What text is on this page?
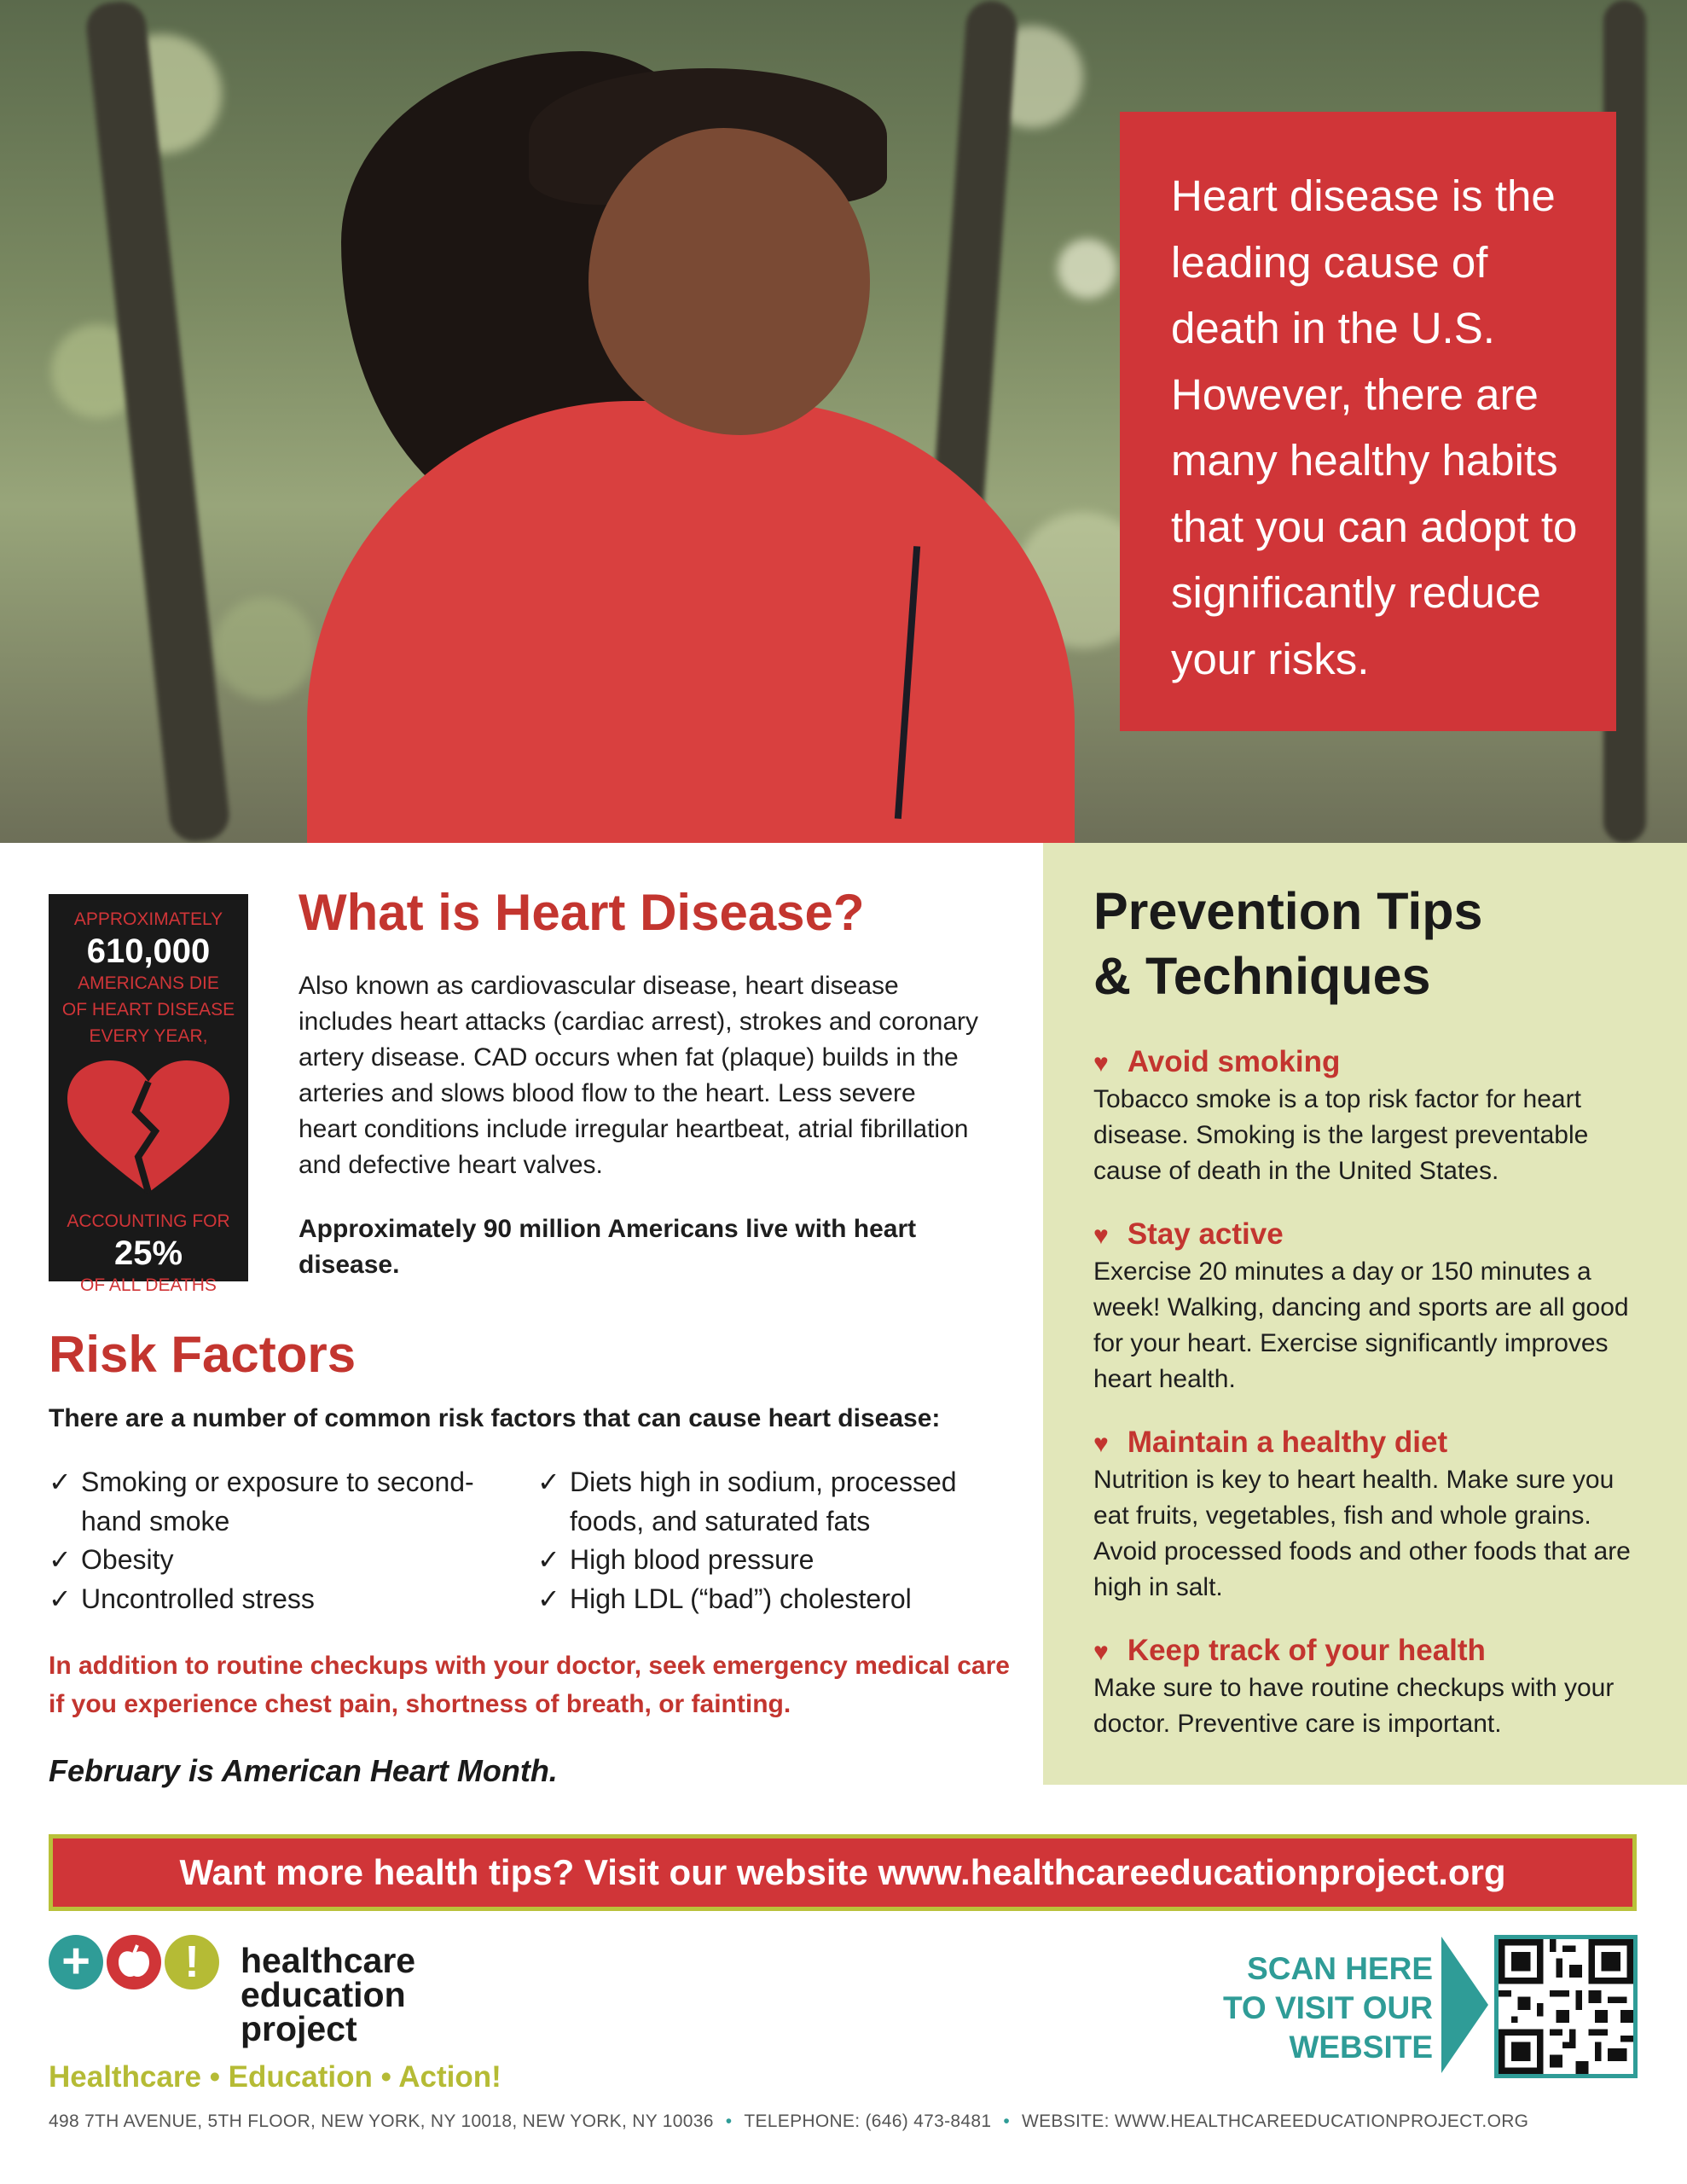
Heart disease is the leading cause of death in the U.S. However, there are many healthy habits that you can adopt to significantly reduce your risks.

APPROXIMATELY
610,000
AMERICANS DIE
OF HEART DISEASE
EVERY YEAR,
ACCOUNTING FOR
25%
OF ALL DEATHS
What is Heart Disease?

Also known as cardiovascular disease, heart disease includes heart attacks (cardiac arrest), strokes and coronary artery disease. CAD occurs when fat (plaque) builds in the arteries and slows blood flow to the heart. Less severe heart conditions include irregular heartbeat, atrial fibrillation and defective heart valves.

Approximately 90 million Americans live with heart disease.

Risk Factors

There are a number of common risk factors that can cause heart disease:

✓ Smoking or exposure to second-hand smoke
✓ Obesity
✓ Uncontrolled stress
✓ Diets high in sodium, processed foods, and saturated fats
✓ High blood pressure
✓ High LDL (“bad”) cholesterol

In addition to routine checkups with your doctor, seek emergency medical care if you experience chest pain, shortness of breath, or fainting.

February is American Heart Month.

Prevention Tips
& Techniques

♥ Avoid smoking

Tobacco smoke is a top risk factor for heart disease. Smoking is the largest preventable cause of death in the United States.

♥ Stay active

Exercise 20 minutes a day or 150 minutes a week! Walking, dancing and sports are all good for your heart. Exercise significantly improves heart health.

♥ Maintain a healthy diet

Nutrition is key to heart health. Make sure you eat fruits, vegetables, fish and whole grains. Avoid processed foods and other foods that are high in salt.

♥ Keep track of your health

Make sure to have routine checkups with your doctor. Preventive care is important.

Want more health tips? Visit our website www.healthcareeducationproject.org
+	!	healthcare
education
project
Healthcare • Education • Action!
SCAN HERE
TO VISIT OUR
WEBSITE
498 7TH AVENUE, 5TH FLOOR, NEW YORK, NY 10018, NEW YORK, NY 10036 • TELEPHONE: (646) 473-8481 • WEBSITE: WWW.HEALTHCAREEDUCATIONPROJECT.ORG
